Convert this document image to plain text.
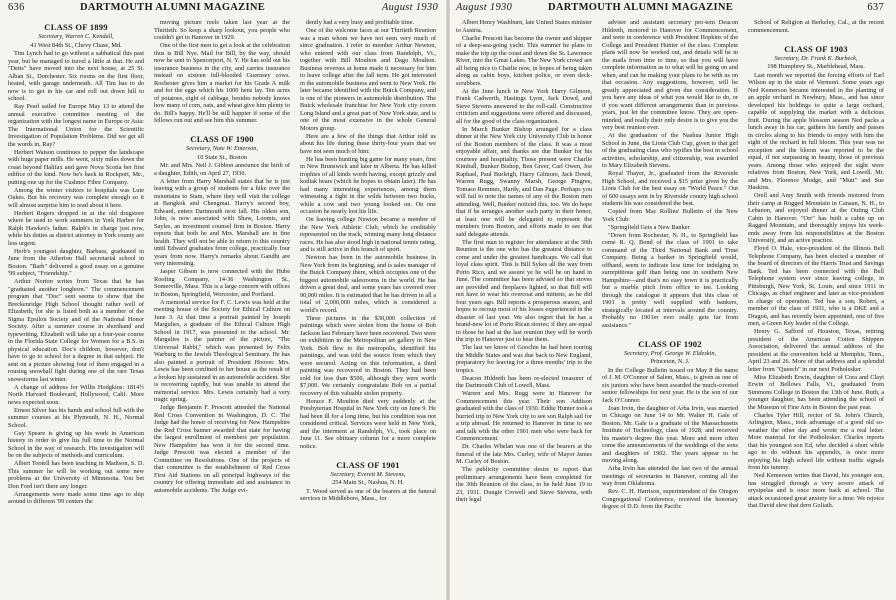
636	DARTMOUTH ALUMNI MAGAZINE	August 1930
CLASS OF 1899

Secretary, Warren C. Kendall,

41 West 84th St., Chevy Chase, Md.

Tim Lynch had to go without a sabbatical this past year, but he managed to travel a little at that. He and "Detts" have moved into the next house, at 25 St. Alban St., Dorchester. Six rooms on the first floor, heated, with garage underneath. All Tim has to do now is to get in his car and roll out down hill to school.

Ray Pearl sailed for Europe May 13 to attend the annual executive committee meeting of the organization with the longest name in Europe or Asia: The International Union for the Scientific Investigation of Population Problems. Did we get all the words in, Ray?

Herbert Watson continues to pepper the landscape with huge paper mills. He went, sixty miles down the coast beyond Halifax and gave Nova Scotia her first edifice of the kind. Now he's back in Rockport, Me., putting one up for the Cushnoc Fibre Company.

Among the winter visitors to hospitals was Lute Oakes. But his recovery was complete enough so it will almost surprise him to read about it here.

Herbert Rogers dropped in at the old drugstore where he used to work summers in York Harbor for Ralph Hawkes's father. Ralph's in charge just now, while his duties as district attorney in York county are less urgent.

Herb's youngest daughter, Barbara, graduated in June from the Atherton Hall secretarial school in Boston. "Barb" delivered a good essay on a genuine '99 subject, "Friendship."

Arthur Norton writes from Texas that he has "graduated another longhorn." The commencement program that "Doc" sent seems to show that the Breckenridge High School thought rather well of Elizabeth, for she is listed both as a member of the Sigma Epsilon Society and of the National Honor Society. After a summer course in shorthand and typewriting, Elizabeth will take up a four-year course in the Florida State College for Women for a B.S. in physical education. Doc's children, however, don't have to go to school for a degree in that subject. He sent on a picture showing four of them engaged in a rousing snowball fight during one of the rare Texas snowstorms last winter.

A change of address for Willis Hodgkins: 1814½ North Harvard Boulevard, Hollywood, Calif. More news expected soon.

Ernest Silver has his hands and school full with the summer courses at his Plymouth, N. H., Normal School.

Guy Speare is giving up his work in American history in order to give his full time to the Normal School in the way of research. His investigation will be on the subjects of methods and curriculum.

Albert Tootell has been teaching in Madison, S. D. This summer he will be working out some new problems at the University of Minnesota. You bet Don Ford isn't there any longer.

Arrangements were made some time ago to ship around to different '99 centers the

moving picture reels taken last year at the Thirtieth. So keep a sharp lookout, you people who couldn't get to Hanover in 1929.

One of the first men to get a look at the celebration thus is Bill Nye. Mail for Bill, by the way, should now be sent to Spencerport, N. Y. He has sold out his insurance business in the city, and carries insurance instead on sixteen full-blooded Guernsey cows. Rochester gives him a market for his Grade A milk and for the eggs which his 1000 hens lay. Ten acres of potatoes, eight of cabbage, besides nobody knows how many of corn, oats, and wheat give him plenty to do. Bill's happy. He'll be still happier if some of the fellows run out and see him this summer.

CLASS OF 1900

Secretary, Nate W. Emerson,

10 State St., Boston

Mr. and Mrs. Neil J. Gibbon announce the birth of a daughter, Edith, on April 27, 1930.

A letter from Harry Marshall states that he is just leaving with a group of students for a hike over the mountains to Siam, where they will visit the college at Bangkok and Chengmai. Harry's second boy, Edward, enters Dartmouth next fall. His oldest son, John, is now associated with Shaw, Loomis, and Sayles, an investment counsel firm in Boston. Harry reports that both he and Mrs. Marshall are in fine health. They will not be able to return to this country until Edward graduates from college, practically four years from now. Harry's remarks about Gandhi are very interesting.

Jasper Gibson is now connected with the Hube Roofing Company, 14-36 Washington St., Somerville, Mass. This is a large concern with offices in Boston, Springfield, Worcester, and Portland.

A memorial service for F. C. Lewis was held at the meeting house of the Society for Ethical Culture on June 3. At that time a portrait painted by Joseph Margulies, a graduate of the Ethical Culture High School in 1917, was presented to the school. Mr. Margulies is the painter of the picture, "The Universal Rabbi," which was presented by Felix Warburg to the Jewish Theological Seminary. He has also painted a portrait of President Hoover. Mrs. Lewis has been confined to her house as the result of a broken hip sustained in an automobile accident. She is recovering rapidly, but was unable to attend the memorial service. Mrs. Lewis certainly had a very tragic spring.

Judge Benjamin F. Prescott attended the National Red Cross Convention in Washington, D. C. The Judge had the honor of receiving for New Hampshire the Red Cross banner awarded that state for having the largest enrollment of members per population. New Hampshire has won it for the second time. Judge Prescott was elected a member of the Committee on Resolutions. One of the projects of that committee is the establishment of Red Cross First Aid Stations on all principal highways of the country for offering immediate aid and assistance in automobile accidents. The Judge evi-

dently had a very busy and profitable time.

One of the welcome faces at our Thirtieth Reunion was a man whom we have not seen very much of since graduation. I refer to member Arthur Newton, who entered with our class from Randolph, Vt., together with Bill Moulton and Dago Moulton. Business reverses at home made it necessary for him to leave college after the fall term. He got interested in the automobile business and went to New York. He later became identified with the Buick Company, and is one of the pioneers in automobile distribution. The Buick wholesale franchise for New York city covers Long Island and a great part of New York state, and is one of the most extensive in the whole General Motors group.

Here are a few of the things that Arthur told us about his life during these thirty-four years that we have not seen much of him:

He has been hunting big game for many years, first in New Brunswick and later in Alberta. He has killed trophies of all kinds worth having, except grizzly and kodiak bears (which he hopes to obtain later). He has had many interesting experiences, among them witnessing a fight in the wilds between two bucks, while a cow and two young looked on. On one occasion he nearly lost his life.

On leaving college Newton became a member of the New York Athletic Club, which he creditably represented on the track, winning many long distance races. He has also stood high in national tennis rating, and is still active in this branch of sport.

Newton has been in the automobile business in New York from its beginning, and is sales manager of the Buick Company there, which occupies one of the biggest automobile salesrooms in the world. He has driven a great deal, and some years has covered over 90,000 miles. It is estimated that he has driven in all a total of 2,000,000 miles, which is considered a world's record.

Three pictures in the $30,000 collection of paintings which were stolen from the home of Bob Jackson last February have been recovered. Two were on exhibition in the Metropolitan art gallery in New York. Bob flew to the metropolis, identified his paintings, and was told the source from which they were secured. Acting on this information, a third painting was recovered in Boston. They had been sold for less than $500, although they were worth $7,000. We certainly congratulate Bob on a partial recovery of this valuable stolen property.

Horace F. Moulton died very suddenly at the Presbyterian Hospital in New York city on June 9. He had been ill for a long time, but his condition was not considered critical. Services were held in New York, and the interment at Randolph, Vt., took place on June 11. See obituary column for a more complete notice.

CLASS OF 1901

Secretary, Everett M. Stevens,

254 Main St., Nashua, N. H.

T. Wood served as one of the bearers at the funeral services in Middleboro, Mass., for

August 1930	DARTMOUTH ALUMNI MAGAZINE	637

Albert Henry Washburn, late United States minister to Austria.

Charlie Prescott has become the owner and skipper of a deep-sea-going yacht. This summer he plans to make the trip up the coast and down the St. Lawrence River, into the Great Lakes. The New York crowd are all being nice to Charlie now, in hopes of being taken along as cabin boys, kitchen police, or even deck-scrubbers.

At the June lunch in New York Harry Gilmore, Frank Cadwerth, Hastings Lyon, Jack Dowd, and Steve Stevens answered to the roll-call. Constructive criticism and suggestions were offered and discussed, all for the good of the class organization.

In March Bunker Bishop arranged for a class dinner at the New York city University Club in honor of the Boston members of the class. It was a most enjoyable affair, and thanks are due Bunker for his courtesy and hospitality. Those present were Charlie Kimball, Bunker Bishop, Ben Greer, Carl Owen, Joe Raphael, Paul Burleigh, Harry Gilmore, Jack Dowd, Warren Rugg, Swanny Marsh, George Pingree, Tomaso Remmes, Hardy, and Dan Page. Perhaps you will fail to note the names of any of the Boston men attending. Well, Bunker noticed this, too. We do hope that if he arranges another such party in their honor, at least one will be delegated to represent the members from Boston, and efforts made to see that said delegate attends.

The first man to register for attendance at the 30th Reunion is the one who has the greatest distance to come and under the greatest handicaps. We call that loyal class spirit. This is Bill Sykes all the way from Porto Rico, and we assure ye he will be on hand in June. The committee has been advised so that stoves are provided and fireplaces lighted, so that Bill will not have to wear his overcoat and mittens, as he did four years ago. Bill reports a prosperous season, and hopes to recoup most of his losses experienced in the disaster of last year. We also regret that he has a brand-new lot of Porto Rican stories; if they are equal to those he had at the last reunion they will be worth the trip to Hanover just to hear them.

The last we know of Goochie he had been touring the Middle States and was due back to New England, preparatory for leaving for a three months' trip to the tropics.

Deacon Hildreth has been re-elected treasurer of the Dartmouth Club of Lowell, Mass.

Warren and Mrs. Rugg were in Hanover for Commencement this year. Their son Addison graduated with the class of 1930. Eddie Hunter took a hurried trip to New York city to see son Ralph sail for a trip abroad. He returned to Hanover in time to see and talk with the other 1901 men who were back for Commencement.

Dr. Charles Whelan was one of the bearers at the funeral of the late Mrs. Curley, wife of Mayor James M. Curley of Boston.

The publicity committee desire to report that preliminary arrangements have been completed for the 30th Reunion of the class, to be held June 19 to 23, 1931. Dungie Crowell and Steve Stevens, with their legal

adviser and assistant secretary pro-tem Deacon Hildreth, motored to Hanover for Commencement, and were in conference with President Hopkins of the College and President Hunter of the class. Complete plans will now be worked out, and details will be in the mails from time to time, so that you will have complete information as to what will be going on and when, and can be making your plans to be with us on that occasion. Any suggestions, however, will be greatly appreciated and given due consideration. If you have any ideas of what you would like to do, or if you want different arrangements than in previous years, just let the committee know. They are open-minded, and really their only desire is to give you the very best reunion ever.

At the graduation of the Nashua Junior High School in June, the Lions Club Cup, given to that girl of the graduating class who typifies the best in school activities, scholarship, and citizenship, was awarded to Mary Elizabeth Stevens.

Royal Thayer, Jr., graduated from the Riverside High School, and received a $15 prize given by the Lions Club for the best essay on "World Peace." Out of 600 essays sent in by Riverside county high school students his was considered the best.

Copied from Mac Rollins' Bulletin of the New York Club:

"Springfield Gets a New Banker

"Down from Rochester, N. H., to Springfield has come R. Q. Bond of the class of 1901 to take command of the Third National Bank and Trust Company. Being a banker in Springfield would, offhand, seem to indicate less time for indulging in surreptitious golf than being one in southern New Hampshire—and that's no easy town it is practically but a marble pitch from office to tee. Looking through the catalogue it appears that this class of 1901 is pretty well supplied with bankers, strategically located at intervals around the country. Probably no 1901er ever really gets far from assistance."

CLASS OF 1902

Secretary, Prof. George W. Eldeskin,

Princeton, N. J.

In the College Bulletin issued on May 8 the name of J. M. O'Connor of Salem, Mass., is given as one of six juniors who have been awarded the much-coveted senior fellowships for next year. He is the son of our Jack O'Connor.

Joan Irvin, the daughter of Arba Irvin, was married in Chicago on June 14 to Mr. Walter H. Gale of Boston. Mr. Gale is a graduate of the Massachusetts Institute of Technology, class of 1928, and received his master's degree this year. More and more often come the announcements of the weddings of the sons and daughters of 1902. The years appear to be moving along.

Arba Irvin has attended the last two of the annual meetings of secretaries in Hanover, coming all the way from Oklahoma.

Rev. C. H. Harrison, superintendent of the Oregon Congregational Conference, received the honorary degree of D.D. from the Pacific

School of Religion at Berkeley, Cal., at the recent commencement.

CLASS OF 1903

Secretary, Dr. Frank K. Burbeck,

198 Humphrey St., Marblehead, Mass.

Last month we reported the forcing efforts of Earl Wilson up in the state of Vermont. Some years ago Ned Kemerson became interested in the planting of an apple orchard in Newbury, Mass., and has since developed his holdings to quite a large orchard, capable of supplying the market with a delicious fruit. During the apple blossom season Ned packs a lunch away in his car, gathers his family and passes in circles along to his friends to enjoy with him the sight of the orchard in full bloom. This year was no exception and the bloom was reported to be the equal, if not surpassing in beauty, those of previous years. Among those who enjoyed the sight were relatives from Boston, New York, and Lowell. Mr. and Mrs. Florence Mudge, and "Mutt" and Sue Haskins.

Orell and Amy Smith with friends motored from their camp at Rugged Mountain in Canaan, N. H., to Lebanon, and enjoyed dinner at the Outing Club Cabin in Hanover. "Orr" has built a cabin up on Ragged Mountain, and thoroughly enjoys his week-ends away from his responsibilities at the Boston University, and an active practice.

Floyd O. Hale, vice-president of the Illinois Bell Telephone Company, has been elected a member of the board of directors of the Harris Trust and Savings Bank. Ted has been connected with the Bell Telephone system ever since leaving college, in Pittsburgh, New York, St. Louis, and since 1911 in Chicago, as chief engineer and later as vice-president in charge of operation. Ted has a son, Robert, a member of the class of 1931, who is a DKE and a Dragon, and has recently been appointed, one of five men, a Green Key leader of the College.

Henry G. Safford of Houston, Texas, retiring president of the American Cotton Shippers Association, delivered the annual address of the president at the convention held at Memphis, Tenn., April 23 and 26. More of that address and a splendid letter from "Queech" in our next Potholesker.

Miss Elizabeth Erwin, daughter of Cora and Clayt Erwin of Bellows Falls, Vt., graduated from Simmons College in Boston the 13th of June. Ruth, a younger daughter, has been attending the school of the Museum of Fine Arts in Boston the past year.

Charles Tyler Hill, rector of St. John's Church, Arlington, Mass., took advantage of a good old so-weather the other day and wrote me a real letter. More material for the Potholesker. Charles reports that his youngest son Ed, who decided a short while ago to do without his appendix, is once more enjoying his high school life without traffic signals from his tummy.

Ned Kemerson writes that David, his younger son, has struggled through a very severe attack of erysipelas and is once more back at school. The attack occasioned great anxiety for a time. We rejoice that David slew that dern Goliath.
